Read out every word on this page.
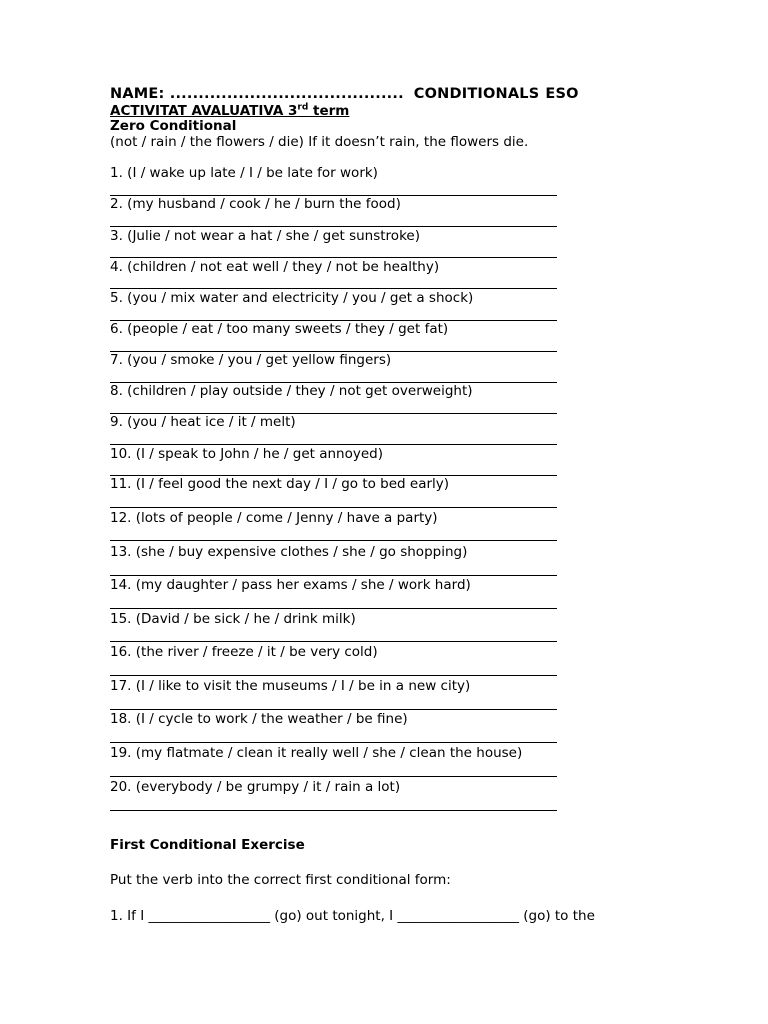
NAME: ......................................... CONDITIONALS ESO
ACTIVITAT AVALUATIVA 3rd term
Zero Conditional
(not / rain / the flowers / die) If it doesn’t rain, the flowers die.
1. (I / wake up late / I / be late for work)
2. (my husband / cook / he / burn the food)
3. (Julie / not wear a hat / she / get sunstroke)
4. (children / not eat well / they / not be healthy)
5. (you / mix water and electricity / you / get a shock)
6. (people / eat / too many sweets / they / get fat)
7. (you / smoke / you / get yellow fingers)
8. (children / play outside / they / not get overweight)
9. (you / heat ice / it / melt)
10. (I / speak to John / he / get annoyed)
11. (I / feel good the next day / I / go to bed early)
12. (lots of people / come / Jenny / have a party)
13. (she / buy expensive clothes / she / go shopping)
14. (my daughter / pass her exams / she / work hard)
15. (David / be sick / he / drink milk)
16. (the river / freeze / it / be very cold)
17. (I / like to visit the museums / I / be in a new city)
18. (I / cycle to work / the weather / be fine)
19. (my flatmate / clean it really well / she / clean the house)
20. (everybody / be grumpy / it / rain a lot)
First Conditional Exercise
Put the verb into the correct first conditional form:
1. If I __________________ (go) out tonight, I __________________ (go) to the
